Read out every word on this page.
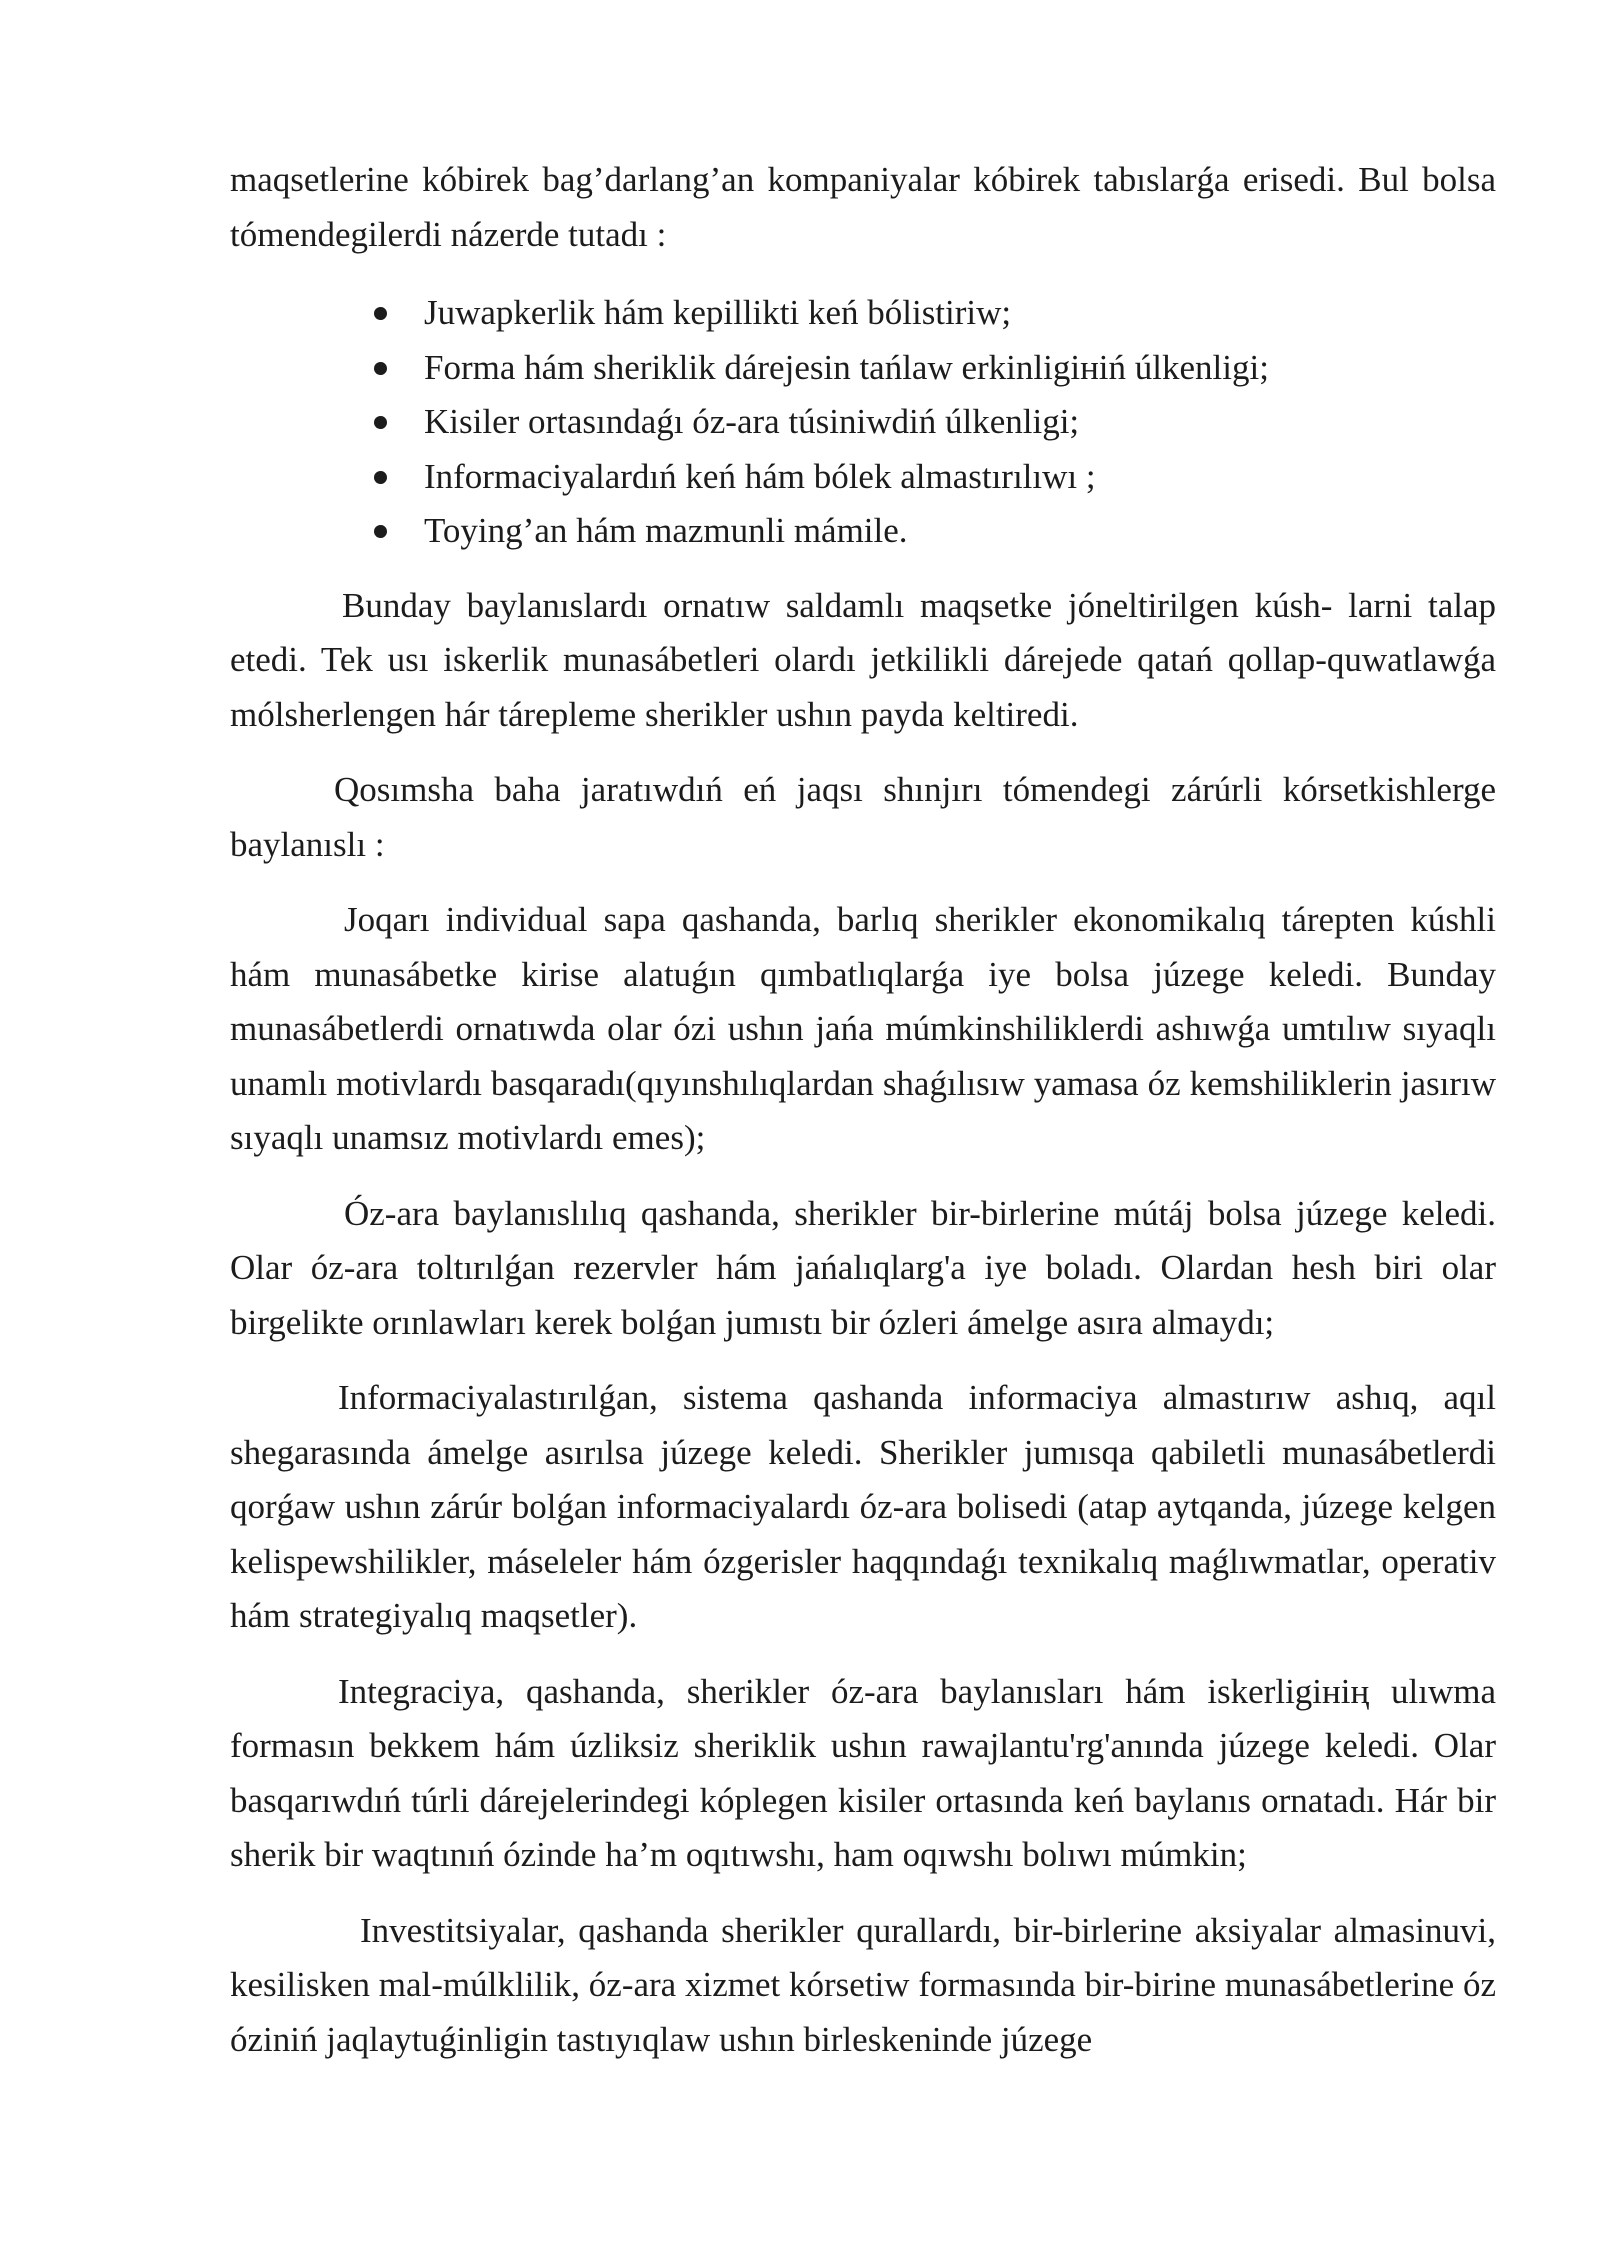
maqsetlerine kóbirek bag’darlang’an kompaniyalar kóbirek tabıslarǵa erisedi. Bul bolsa tómendegilerdi názerde tutadı :

Juwapkerlik hám kepillikti keń bólistiriw;
Forma hám sheriklik dárejesin tańlaw erkinligініń úlkenligi;
Kisiler ortasındaǵı óz-ara túsiniwdiń úlkenligi;
Informaciyalardıń keń hám bólek almastırılıwı ;
Toying’an hám mazmunli mámile.

Bunday baylanıslardı ornatıw saldamlı maqsetke jóneltirilgen kúsh- larni talap etedi. Tek usı iskerlik munasábetleri olardı jetkilikli dárejede qatań qollap-quwatlawǵa mólsherlengen hár tárepleme sherikler ushın payda keltiredi.

Qosımsha baha jaratıwdıń eń jaqsı shınjırı tómendegi zárúrli kórsetkishlerge baylanıslı :

Joqarı individual sapa qashanda, barlıq sherikler ekonomikalıq tárepten kúshli hám munasábetke kirise alatuǵın qımbatlıqlarǵa iye bolsa júzege keledi. Bunday munasábetlerdi ornatıwda olar ózi ushın jańa múmkinshiliklerdi ashıwǵa umtılıw sıyaqlı unamlı motivlardı basqaradı(qıyınshılıqlardan shaǵılısıw yamasa óz kemshiliklerin jasırıw sıyaqlı unamsız motivlardı emes);

Óz-ara baylanıslılıq qashanda, sherikler bir-birlerine mútáj bolsa júzege keledi. Olar óz-ara toltırılǵan rezervler hám jańalıqlarg'a iye boladı. Olardan hesh biri olar birgelikte orınlawları kerek bolǵan jumıstı bir ózleri ámelge asıra almaydı;

Informaciyalastırılǵan, sistema qashanda informaciya almastırıw ashıq, aqıl shegarasında ámelge asırılsa júzege keledi. Sherikler jumısqa qabiletli munasábetlerdi qorǵaw ushın zárúr bolǵan informaciyalardı óz-ara bolisedi (atap aytqanda, júzege kelgen kelispewshilikler, máseleler hám ózgerisler haqqındaǵı texnikalıq maǵlıwmatlar, operativ hám strategiyalıq maqsetler).

Integraciya, qashanda, sherikler óz-ara baylanısları hám iskerligінің ulıwma formasın bekkem hám úzliksiz sheriklik ushın rawajlantu'rg'anında júzege keledi. Olar basqarıwdıń túrli dárejelerindegi kóplegen kisiler ortasında keń baylanıs ornatadı. Hár bir sherik bir waqtınıń ózinde ha’m oqıtıwshı, ham oqıwshı bolıwı múmkin;

Investitsiyalar, qashanda sherikler qurallardı, bir-birlerine aksiyalar almasinuvi, kesilisken mal-múlklilik, óz-ara xizmet kórsetiw formasında bir-birine munasábetlerine óz óziniń jaqlaytuǵinligin tastıyıqlaw ushın birleskeninde júzege
